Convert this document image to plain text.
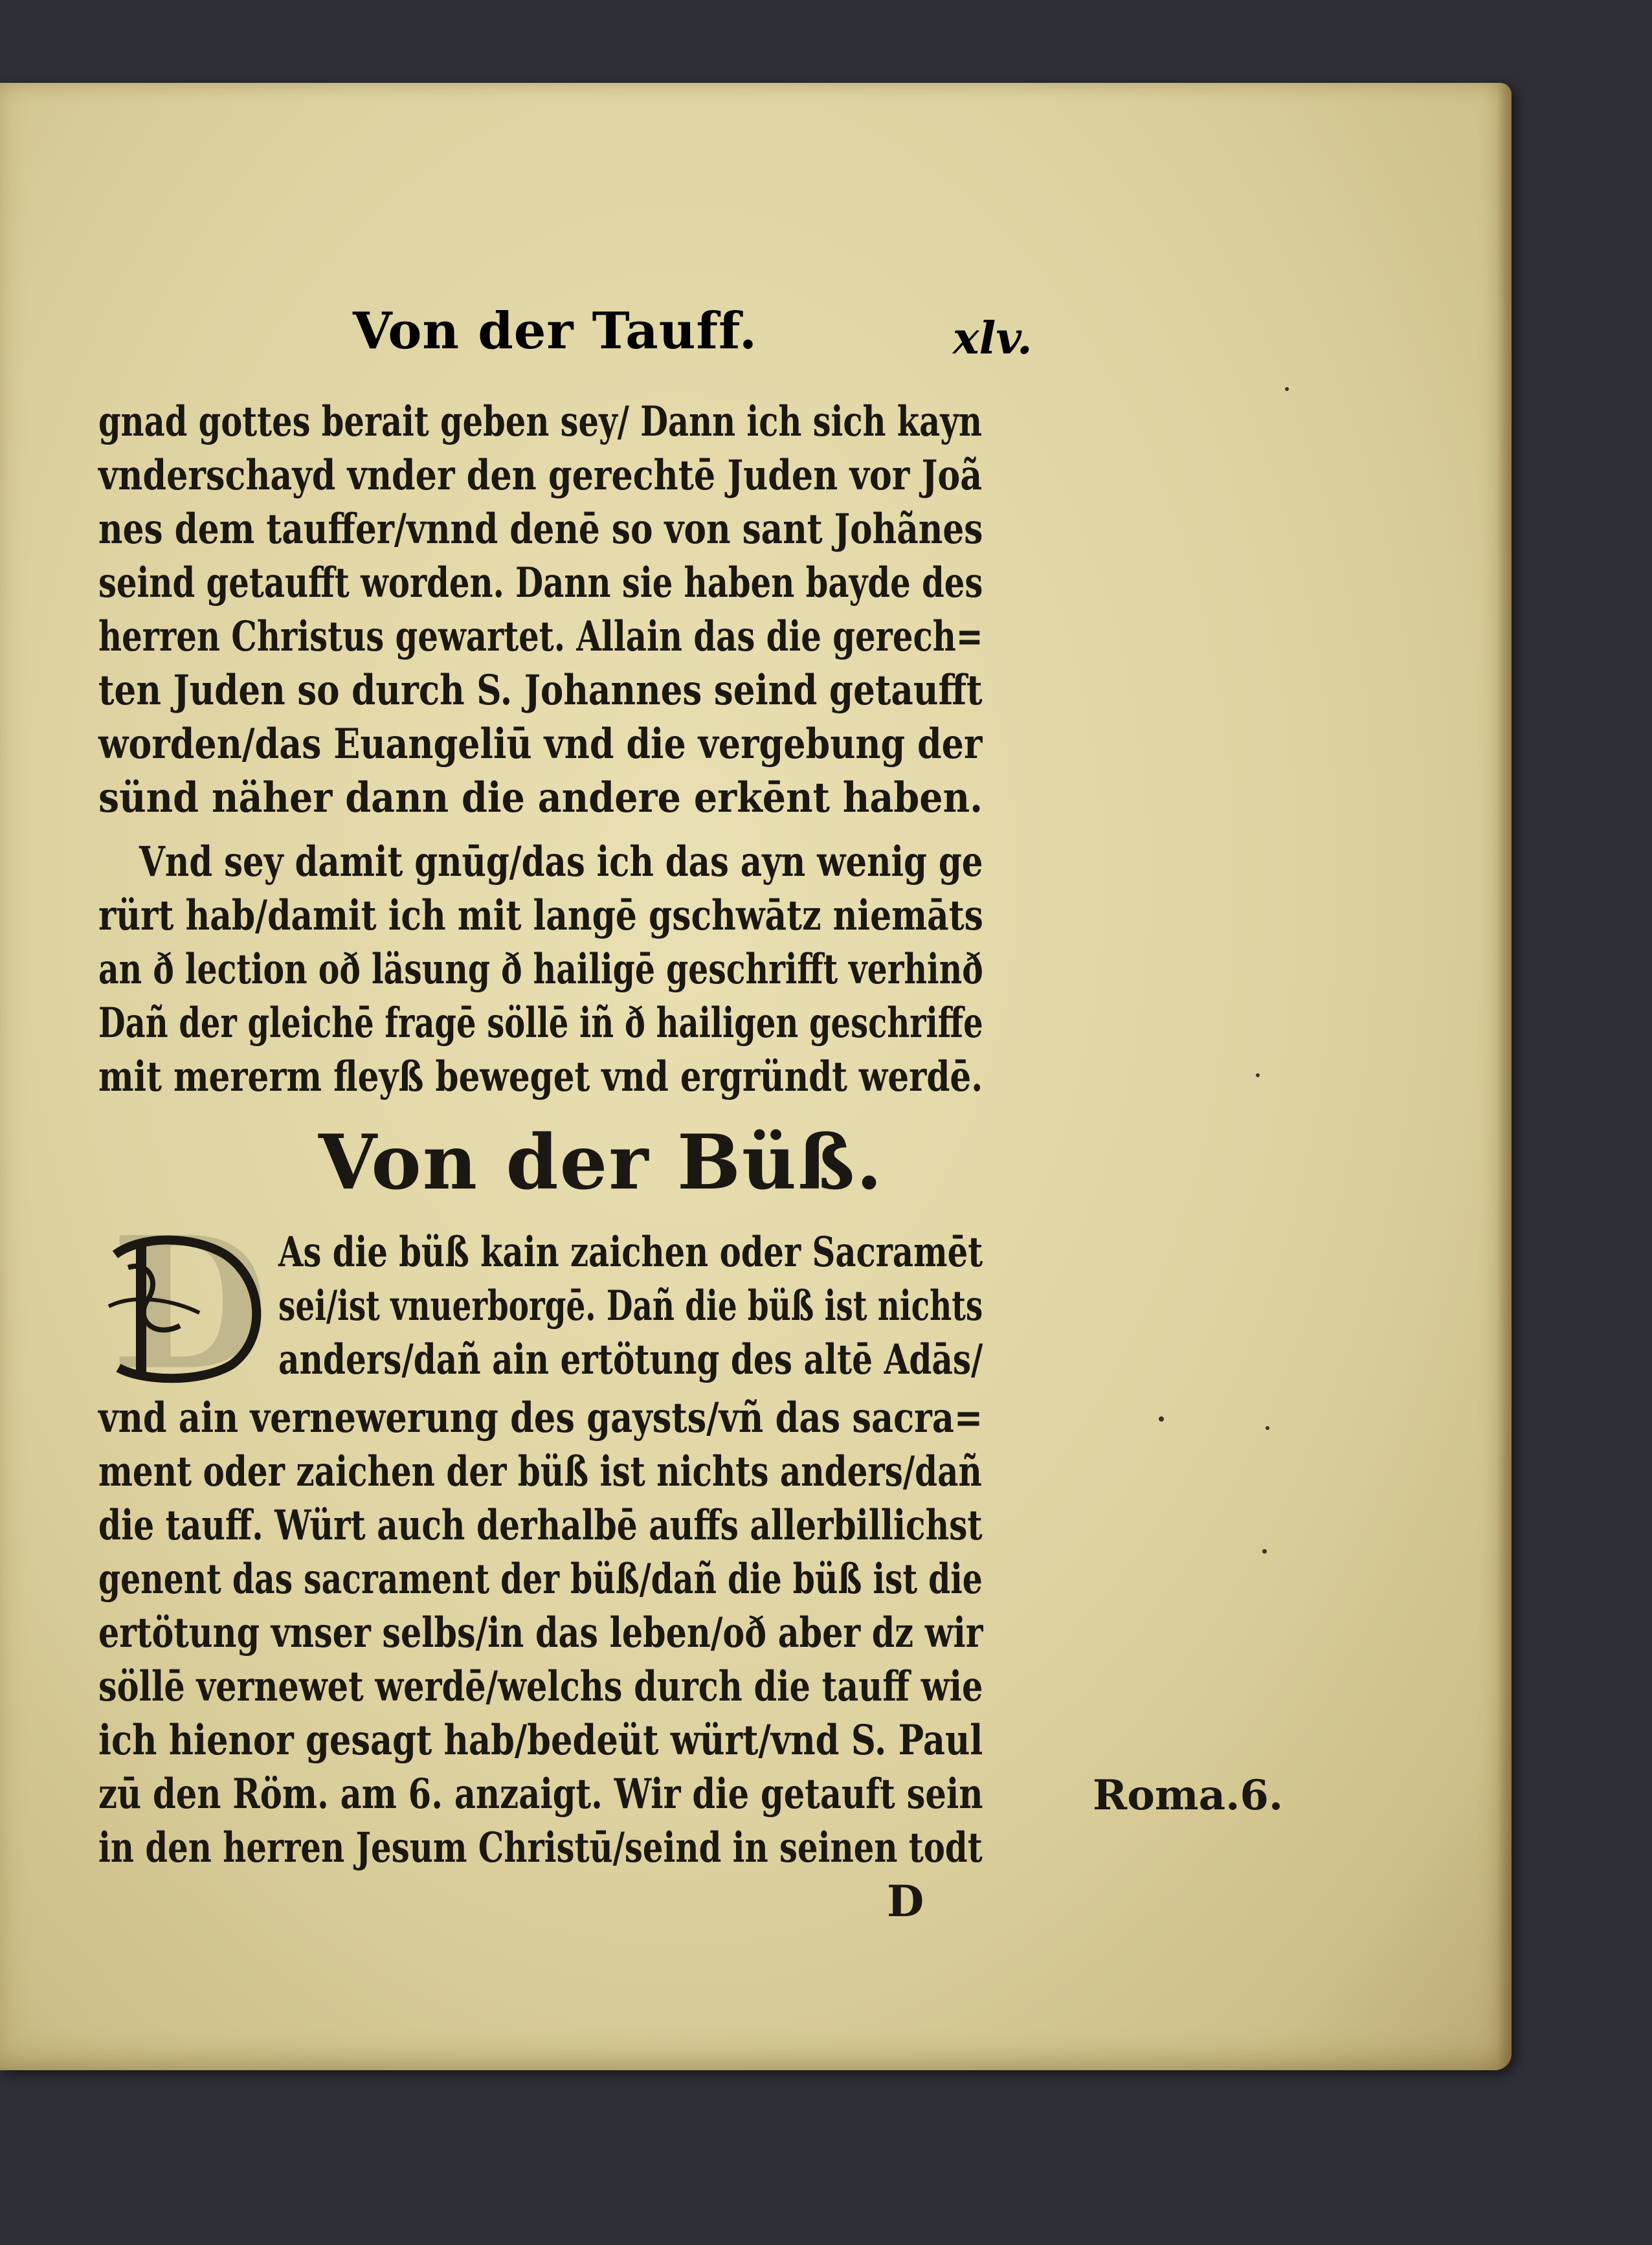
Von der Tauff.	xlv.
gnad gottes berait geben sey/ Dann ich sich kayn
vnderschayd vnder den gerechtē Juden vor Joã
nes dem tauffer/vnnd denē so von sant Johãnes
seind getaufft worden. Dann sie haben bayde des
herren Christus gewartet. Allain das die gerech=
ten Juden so durch S. Johannes seind getaufft
worden/das Euangeliū vnd die vergebung der
sünd näher dann die andere erkēnt haben.
Vnd sey damit gnūg/das ich das ayn wenig ge
rürt hab/damit ich mit langē gschwātz niemāts
an ð lection oð läsung ð hailigē geschrifft verhinð
Dañ der gleichē fragē söllē iñ ð hailigen geschriffe
mit mererm fleyß beweget vnd ergründt werdē.
Von der Büß.
D As die büß kain zaichen oder Sacramēt
sei/ist vnuerborgē. Dañ die büß ist nichts
anders/dañ ain ertötung des altē Adās/
vnd ain vernewerung des gaysts/vñ das sacra=
ment oder zaichen der büß ist nichts anders/dañ
die tauff. Würt auch derhalbē auffs allerbillichst
genent das sacrament der büß/dañ die büß ist die
ertötung vnser selbs/in das leben/oð aber dz wir
söllē vernewet werdē/welchs durch die tauff wie
ich hienor gesagt hab/bedeüt würt/vnd S. Paul
zū den Röm. am 6. anzaigt. Wir die getauft sein
in den herren Jesum Christū/seind in seinen todt
Roma.6.
D
